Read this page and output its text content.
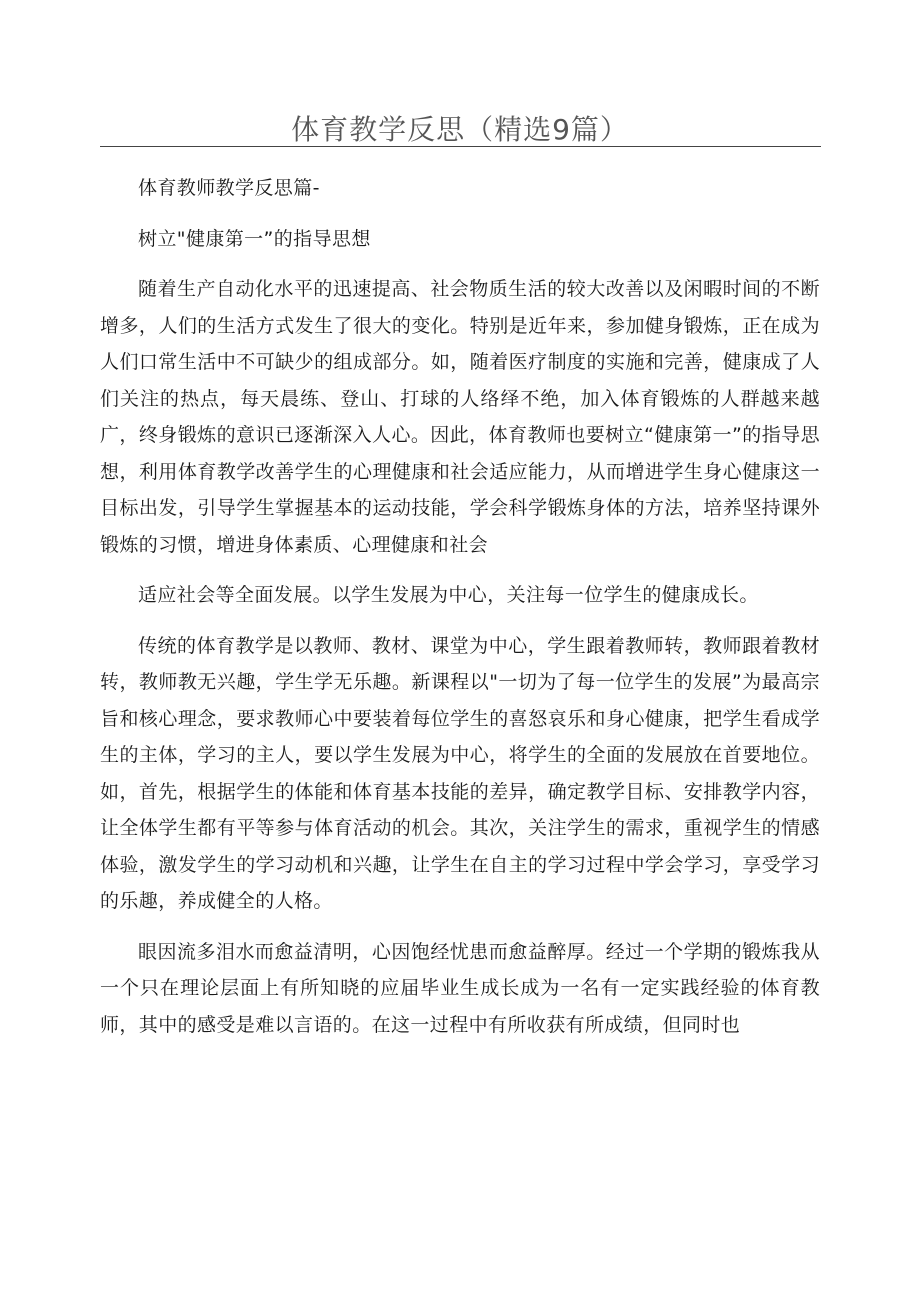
体育教学反思（精选9篇）

体育教师教学反思篇-

树立"健康第一”的指导思想

随着生产自动化水平的迅速提高、社会物质生活的较大改善以及闲暇时间的不断增多，人们的生活方式发生了很大的变化。特别是近年来，参加健身锻炼，正在成为人们口常生活中不可缺少的组成部分。如，随着医疗制度的实施和完善，健康成了人们关注的热点，每天晨练、登山、打球的人络绎不绝，加入体育锻炼的人群越来越广，终身锻炼的意识已逐渐深入人心。因此，体育教师也要树立“健康第一”的指导思想，利用体育教学改善学生的心理健康和社会适应能力，从而增进学生身心健康这一目标出发，引导学生掌握基本的运动技能，学会科学锻炼身体的方法，培养坚持课外锻炼的习惯，增进身体素质、心理健康和社会

适应社会等全面发展。以学生发展为中心，关注每一位学生的健康成长。

传统的体育教学是以教师、教材、课堂为中心，学生跟着教师转，教师跟着教材转，教师教无兴趣，学生学无乐趣。新课程以"一切为了每一位学生的发展”为最高宗旨和核心理念，要求教师心中要装着每位学生的喜怒哀乐和身心健康，把学生看成学生的主体，学习的主人，要以学生发展为中心，将学生的全面的发展放在首要地位。如，首先，根据学生的体能和体育基本技能的差异，确定教学目标、安排教学内容，让全体学生都有平等参与体育活动的机会。其次，关注学生的需求，重视学生的情感体验，激发学生的学习动机和兴趣，让学生在自主的学习过程中学会学习，享受学习的乐趣，养成健全的人格。

眼因流多泪水而愈益清明，心因饱经忧患而愈益醉厚。经过一个学期的锻炼我从一个只在理论层面上有所知晓的应届毕业生成长成为一名有一定实践经验的体育教师，其中的感受是难以言语的。在这一过程中有所收获有所成绩，但同时也
